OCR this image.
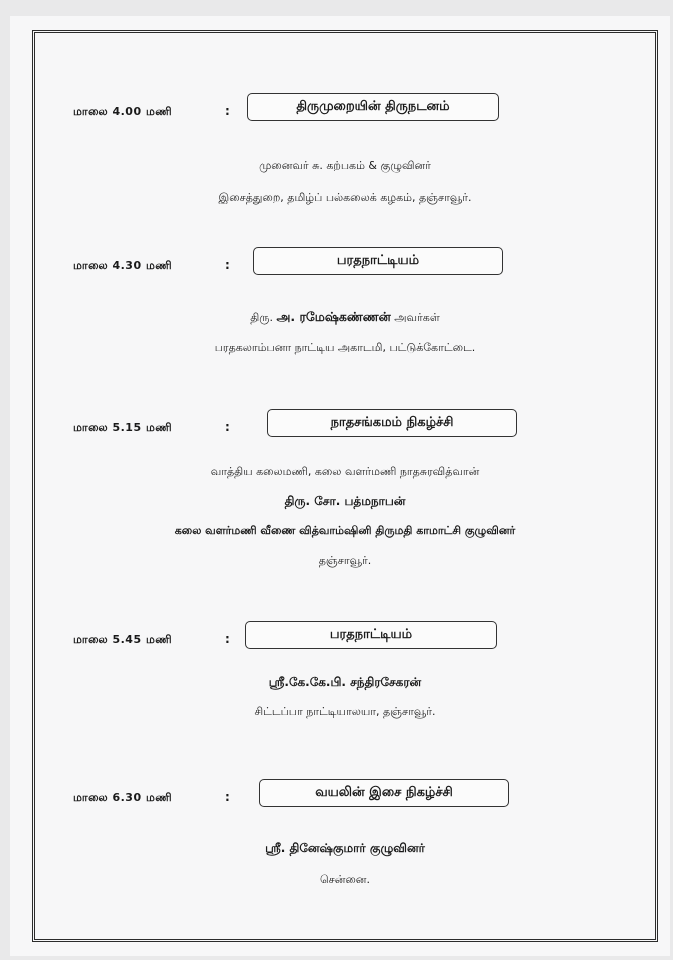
மாலை 4.00 மணி	:	திருமுறையின் திருநடனம்
முனைவர் சு. கற்பகம் & குழுவினர்
இசைத்துறை, தமிழ்ப் பல்கலைக் கழகம், தஞ்சாவூர்.
மாலை 4.30 மணி	:	பரதநாட்டியம்
திரு. அ. ரமேஷ்கண்ணன் அவர்கள்
பரதகலாம்பனா நாட்டிய அகாடமி, பட்டுக்கோட்டை.
மாலை 5.15 மணி	:	நாதசங்கமம் நிகழ்ச்சி
வாத்திய கலைமணி, கலை வளர்மணி நாதசுரவித்வான்
திரு. சோ. பத்மநாபன்
கலை வளர்மணி வீணை வித்வாம்ஷினி திருமதி காமாட்சி குழுவினர்
தஞ்சாவூர்.
மாலை 5.45 மணி	:	பரதநாட்டியம்
ஸ்ரீ.கே.கே.பி. சந்திரசேகரன்
சிட்டப்பா நாட்டியாலயா, தஞ்சாவூர்.
மாலை 6.30 மணி	:	வயலின் இசை நிகழ்ச்சி
ஸ்ரீ. தினேஷ்குமார் குழுவினர்
சென்னை.
